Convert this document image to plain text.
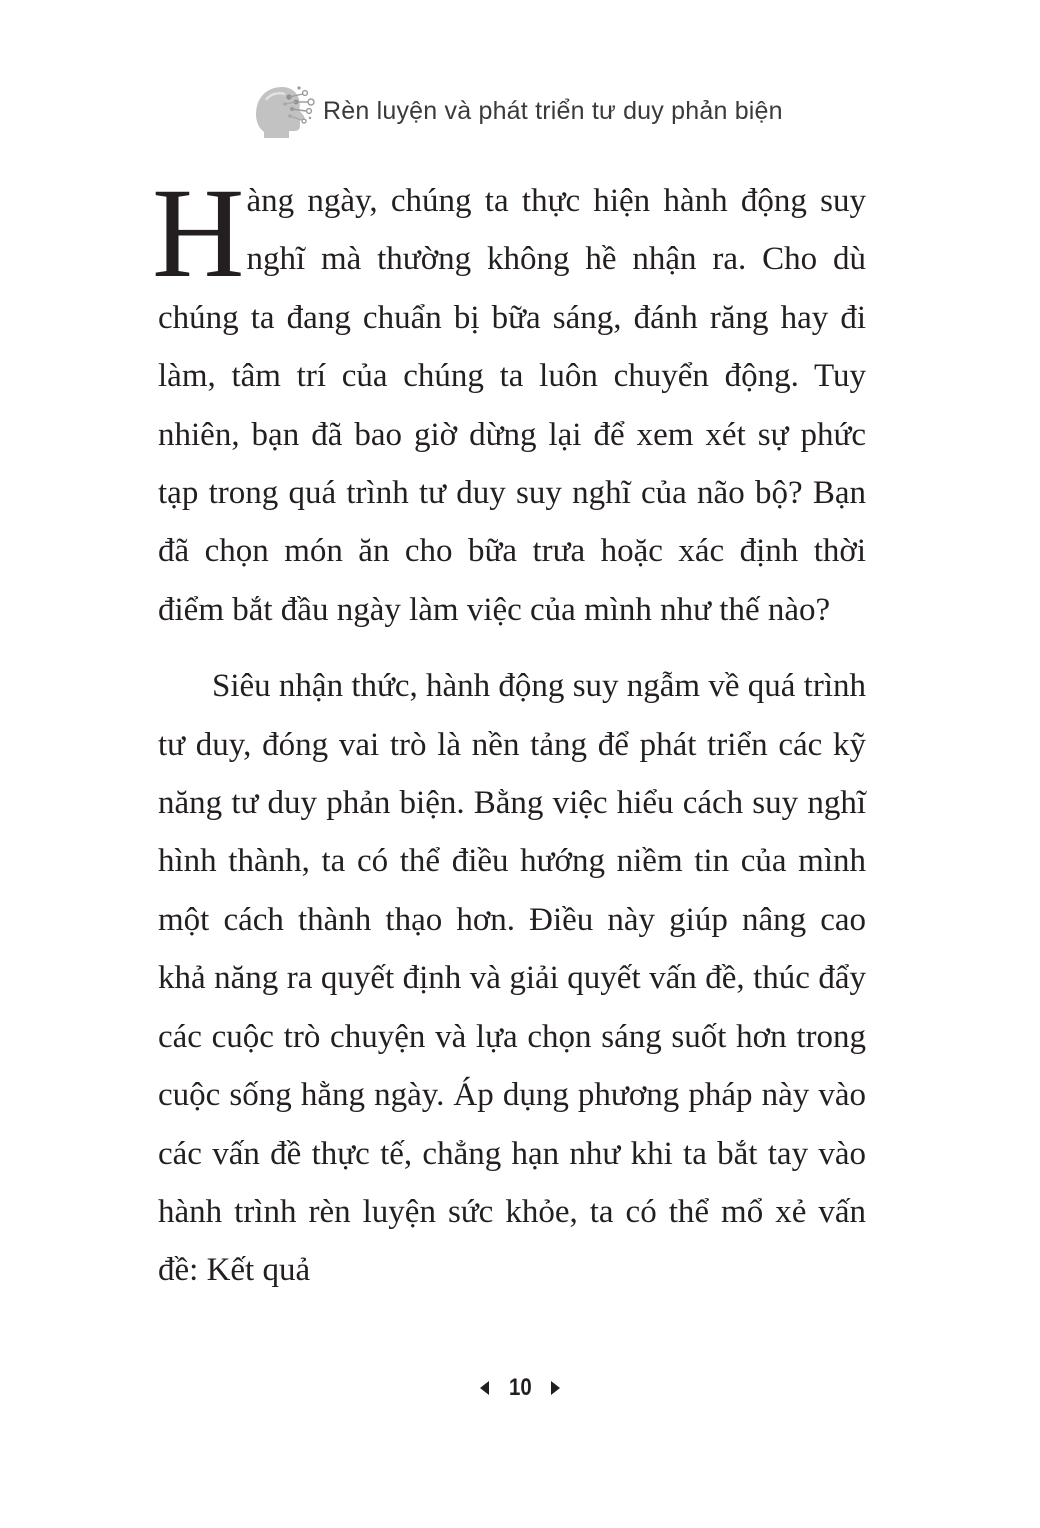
Rèn luyện và phát triển tư duy phản biện

Hàng ngày, chúng ta thực hiện hành động suy nghĩ mà thường không hề nhận ra. Cho dù chúng ta đang chuẩn bị bữa sáng, đánh răng hay đi làm, tâm trí của chúng ta luôn chuyển động. Tuy nhiên, bạn đã bao giờ dừng lại để xem xét sự phức tạp trong quá trình tư duy suy nghĩ của não bộ? Bạn đã chọn món ăn cho bữa trưa hoặc xác định thời điểm bắt đầu ngày làm việc của mình như thế nào?

Siêu nhận thức, hành động suy ngẫm về quá trình tư duy, đóng vai trò là nền tảng để phát triển các kỹ năng tư duy phản biện. Bằng việc hiểu cách suy nghĩ hình thành, ta có thể điều hướng niềm tin của mình một cách thành thạo hơn. Điều này giúp nâng cao khả năng ra quyết định và giải quyết vấn đề, thúc đẩy các cuộc trò chuyện và lựa chọn sáng suốt hơn trong cuộc sống hằng ngày. Áp dụng phương pháp này vào các vấn đề thực tế, chẳng hạn như khi ta bắt tay vào hành trình rèn luyện sức khỏe, ta có thể mổ xẻ vấn đề: Kết quả

10
